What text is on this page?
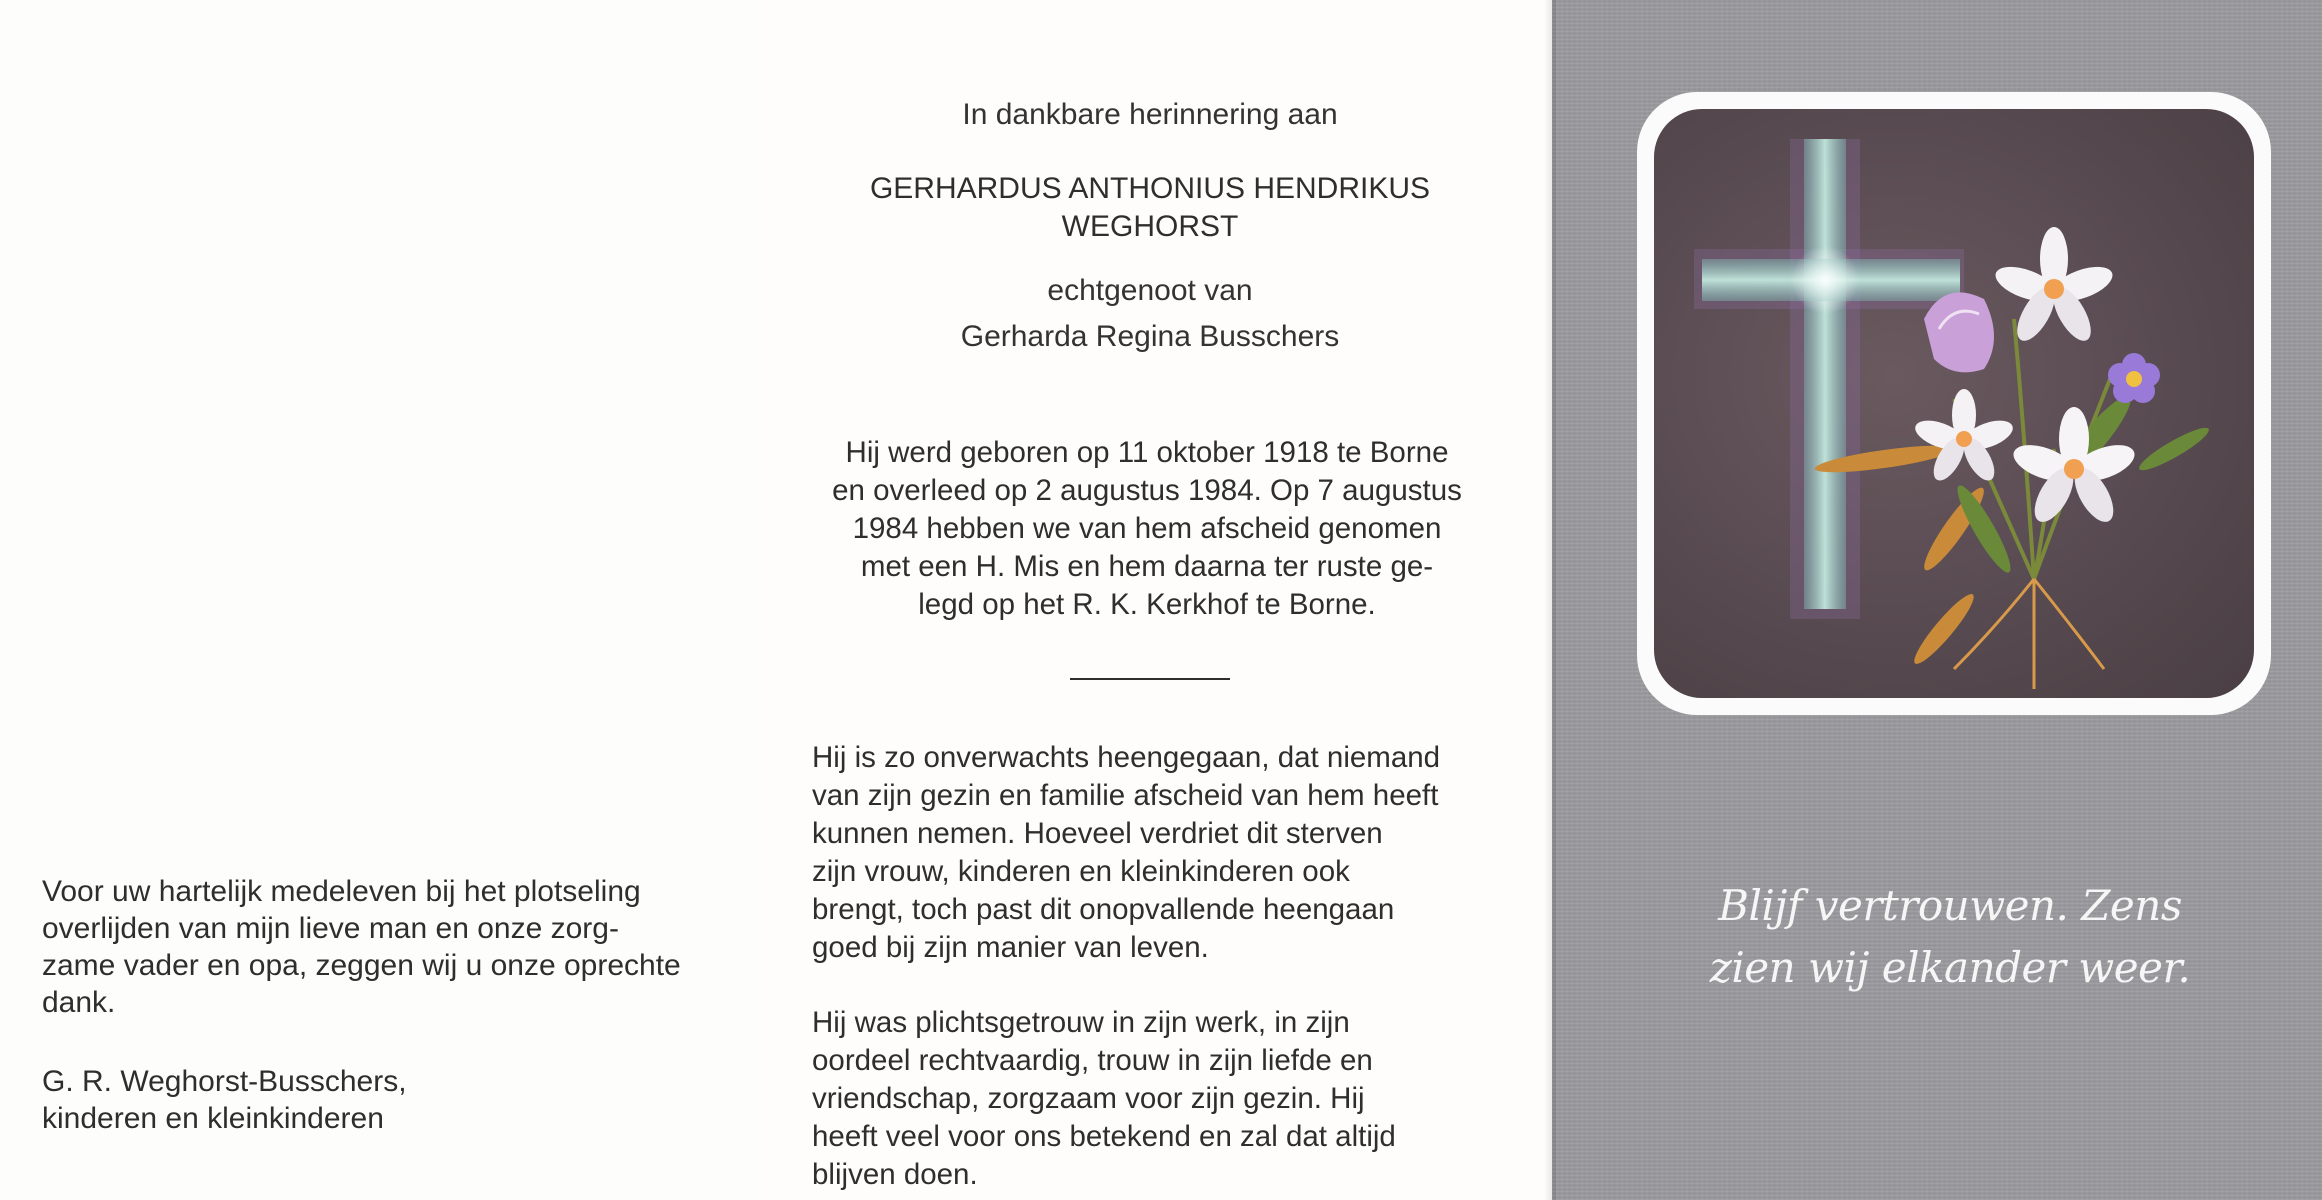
In dankbare herinnering aan
GERHARDUS ANTHONIUS HENDRIKUS
WEGHORST
echtgenoot van
Gerharda Regina Busschers
Hij werd geboren op 11 oktober 1918 te Borne
en overleed op 2 augustus 1984. Op 7 augustus
1984 hebben we van hem afscheid genomen
met een H. Mis en hem daarna ter ruste ge-
legd op het R. K. Kerkhof te Borne.
Hij is zo onverwachts heengegaan, dat niemand
van zijn gezin en familie afscheid van hem heeft
kunnen nemen. Hoeveel verdriet dit sterven
zijn vrouw, kinderen en kleinkinderen ook
brengt, toch past dit onopvallende heengaan
goed bij zijn manier van leven.
Hij was plichtsgetrouw in zijn werk, in zijn
oordeel rechtvaardig, trouw in zijn liefde en
vriendschap, zorgzaam voor zijn gezin. Hij
heeft veel voor ons betekend en zal dat altijd
blijven doen.
Voor uw hartelijk medeleven bij het plotseling
overlijden van mijn lieve man en onze zorg-
zame vader en opa, zeggen wij u onze oprechte
dank.
G. R. Weghorst-Busschers,
kinderen en kleinkinderen
Blijf vertrouwen. Zens
zien wij elkander weer.
